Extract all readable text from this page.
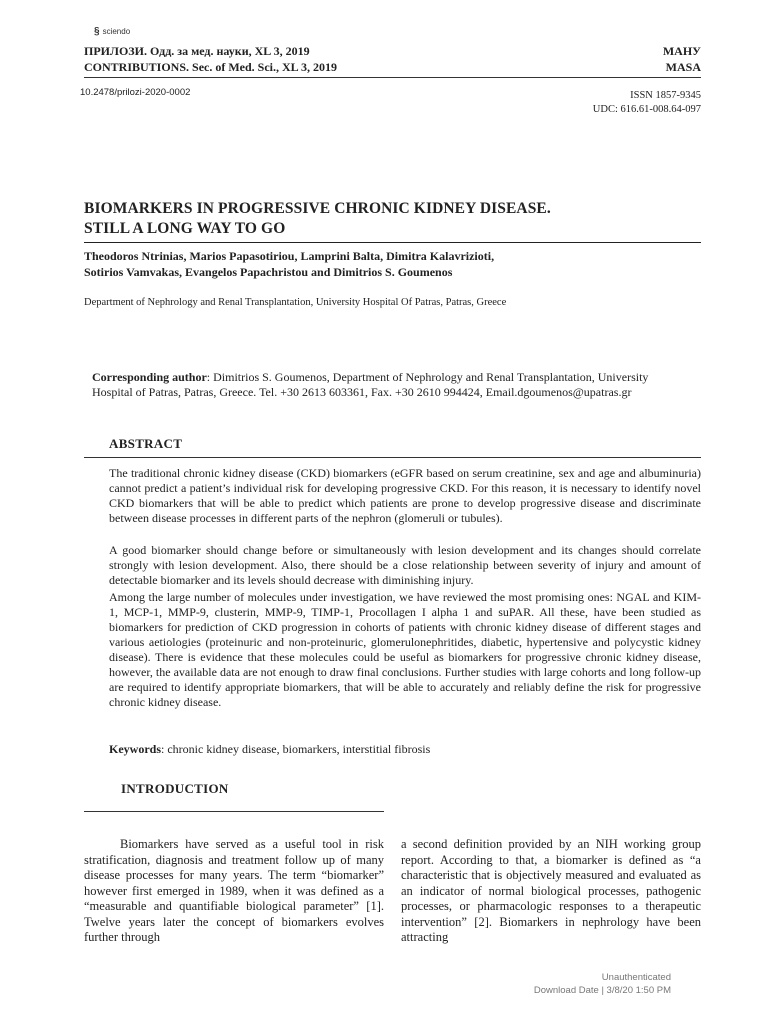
§ sciendo
ПРИЛОЗИ. Одд. за мед. науки, XL 3, 2019
CONTRIBUTIONS. Sec. of Med. Sci., XL 3, 2019
МАНУ
MASA
10.2478/prilozi-2020-0002	ISSN 1857-9345
UDC: 616.61-008.64-097
BIOMARKERS IN PROGRESSIVE CHRONIC KIDNEY DISEASE.
STILL A LONG WAY TO GO
Theodoros Ntrinias, Marios Papasotiriou, Lamprini Balta, Dimitra Kalavrizioti,
Sotirios Vamvakas, Evangelos Papachristou and Dimitrios S. Goumenos
Department of Nephrology and Renal Transplantation, University Hospital Of Patras, Patras, Greece
Corresponding author: Dimitrios S. Goumenos, Department of Nephrology and Renal Transplantation, University
Hospital of Patras, Patras, Greece. Tel. +30 2613 603361, Fax. +30 2610 994424, Email.dgoumenos@upatras.gr
ABSTRACT

The traditional chronic kidney disease (CKD) biomarkers (eGFR based on serum creatinine, sex and age and albuminuria) cannot predict a patient’s individual risk for developing progressive CKD. For this reason, it is necessary to identify novel CKD biomarkers that will be able to predict which patients are prone to develop progressive disease and discriminate between disease processes in different parts of the nephron (glomeruli or tubules).

A good biomarker should change before or simultaneously with lesion development and its changes should correlate strongly with lesion development. Also, there should be a close relationship between severity of injury and amount of detectable biomarker and its levels should decrease with diminishing injury.

Among the large number of molecules under investigation, we have reviewed the most promising ones: NGAL and KIM-1, MCP-1, MMP-9, clusterin, MMP-9, TIMP-1, Procollagen I alpha 1 and suPAR. All these, have been studied as biomarkers for prediction of CKD progression in cohorts of patients with chronic kidney disease of different stages and various aetiologies (proteinuric and non-proteinuric, glomerulonephritides, diabetic, hypertensive and polycystic kidney disease). There is evidence that these molecules could be useful as biomarkers for progressive chronic kidney disease, however, the available data are not enough to draw final conclusions. Further studies with large cohorts and long follow-up are required to identify appropriate biomarkers, that will be able to accurately and reliably define the risk for progressive chronic kidney disease.

Keywords: chronic kidney disease, biomarkers, interstitial fibrosis
INTRODUCTION

Biomarkers have served as a useful tool in risk stratification, diagnosis and treatment follow up of many disease processes for many years. The term “biomarker” however first emerged in 1989, when it was defined as a “measurable and quantifiable biological parameter” [1]. Twelve years later the concept of biomarkers evolves further through

a second definition provided by an NIH working group report. According to that, a biomarker is defined as “a characteristic that is objectively measured and evaluated as an indicator of normal biological processes, pathogenic processes, or pharmacologic responses to a therapeutic intervention” [2]. Biomarkers in nephrology have been attracting

Unauthenticated
Download Date | 3/8/20 1:50 PM
